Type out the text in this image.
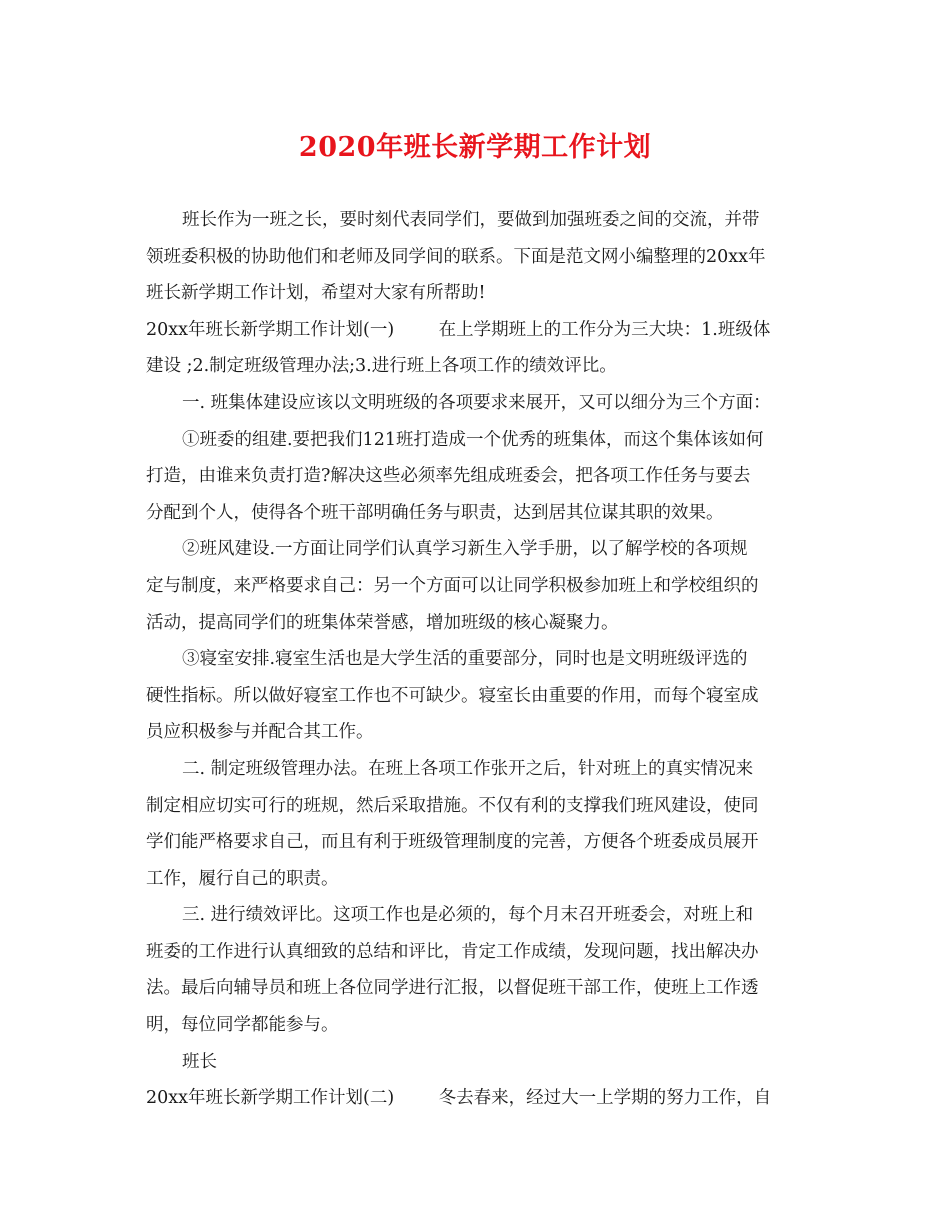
2020年班长新学期工作计划
班长作为一班之长，要时刻代表同学们，要做到加强班委之间的交流，并带
领班委积极的协助他们和老师及同学间的联系。下面是范文网小编整理的20xx年
班长新学期工作计划，希望对大家有所帮助!
20xx年班长新学期工作计划(一)        在上学期班上的工作分为三大块：1.班级体
建设 ;2.制定班级管理办法;3.进行班上各项工作的绩效评比。
一. 班集体建设应该以文明班级的各项要求来展开，又可以细分为三个方面：
①班委的组建.要把我们121班打造成一个优秀的班集体，而这个集体该如何
打造，由谁来负责打造?解决这些必须率先组成班委会，把各项工作任务与要去
分配到个人，使得各个班干部明确任务与职责，达到居其位谋其职的效果。
②班风建设.一方面让同学们认真学习新生入学手册，以了解学校的各项规
定与制度，来严格要求自己：另一个方面可以让同学积极参加班上和学校组织的
活动，提高同学们的班集体荣誉感，增加班级的核心凝聚力。
③寝室安排.寝室生活也是大学生活的重要部分，同时也是文明班级评选的
硬性指标。所以做好寝室工作也不可缺少。寝室长由重要的作用，而每个寝室成
员应积极参与并配合其工作。
二. 制定班级管理办法。在班上各项工作张开之后，针对班上的真实情况来
制定相应切实可行的班规，然后采取措施。不仅有利的支撑我们班风建设，使同
学们能严格要求自己，而且有利于班级管理制度的完善，方便各个班委成员展开
工作，履行自己的职责。
三. 进行绩效评比。这项工作也是必须的，每个月末召开班委会，对班上和
班委的工作进行认真细致的总结和评比，肯定工作成绩，发现问题，找出解决办
法。最后向辅导员和班上各位同学进行汇报，以督促班干部工作，使班上工作透
明，每位同学都能参与。
班长
20xx年班长新学期工作计划(二)        冬去春来，经过大一上学期的努力工作，自
